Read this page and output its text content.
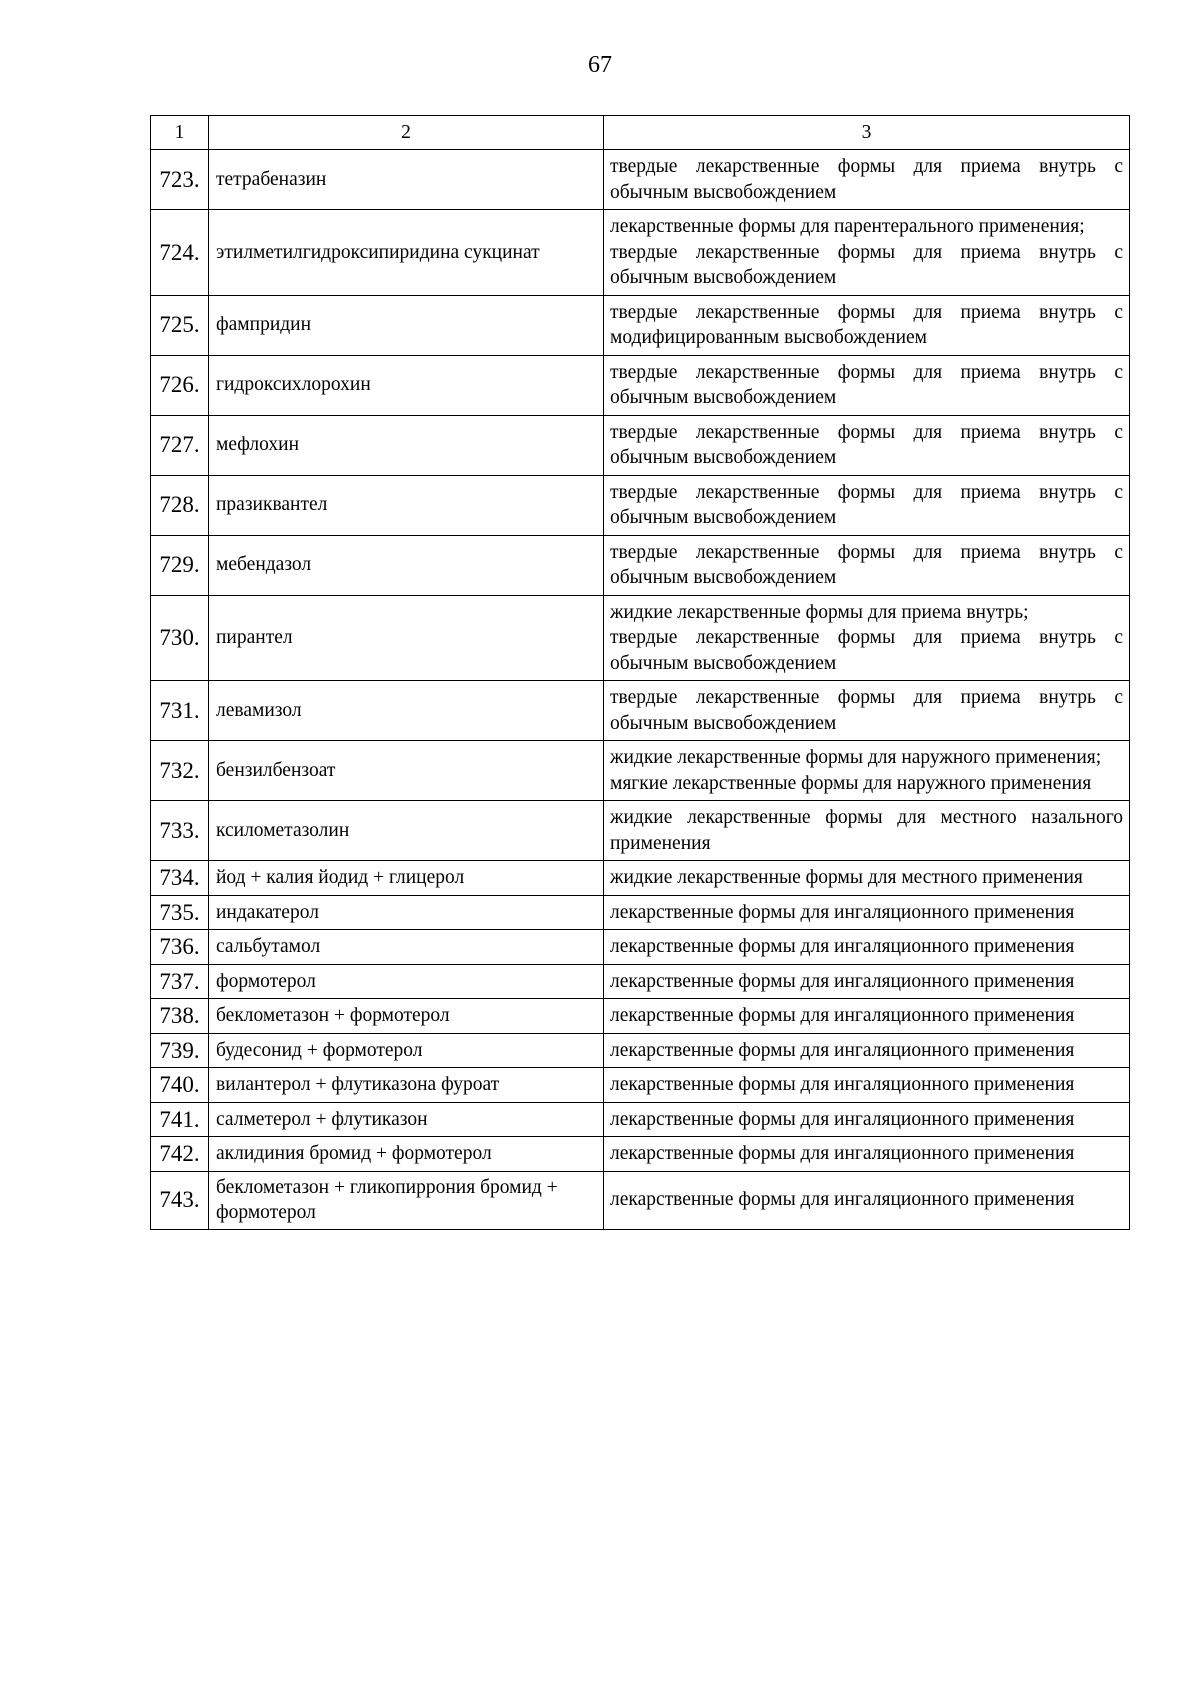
67
1	2	3
723.	тетрабеназин	твердые лекарственные формы для приема внутрь с обычным высвобождением

724.	этилметилгидроксипиридина сукцинат	лекарственные формы для парентерального применения;
твердые лекарственные формы для приема внутрь с обычным высвобождением

725.	фампридин	твердые лекарственные формы для приема внутрь с модифицированным высвобождением

726.	гидроксихлорохин	твердые лекарственные формы для приема внутрь с обычным высвобождением

727.	мефлохин	твердые лекарственные формы для приема внутрь с обычным высвобождением

728.	празиквантел	твердые лекарственные формы для приема внутрь с обычным высвобождением

729.	мебендазол	твердые лекарственные формы для приема внутрь с обычным высвобождением

730.	пирантел	жидкие лекарственные формы для приема внутрь;
твердые лекарственные формы для приема внутрь с обычным высвобождением

731.	левамизол	твердые лекарственные формы для приема внутрь с обычным высвобождением

732.	бензилбензоат	жидкие лекарственные формы для наружного применения;
мягкие лекарственные формы для наружного применения

733.	ксилометазолин	жидкие лекарственные формы для местного назального применения

734.	йод + калия йодид + глицерол	жидкие лекарственные формы для местного применения

735.	индакатерол	лекарственные формы для ингаляционного применения

736.	сальбутамол	лекарственные формы для ингаляционного применения

737.	формотерол	лекарственные формы для ингаляционного применения

738.	беклометазон + формотерол	лекарственные формы для ингаляционного применения

739.	будесонид + формотерол	лекарственные формы для ингаляционного применения

740.	вилантерол + флутиказона фуроат	лекарственные формы для ингаляционного применения

741.	салметерол + флутиказон	лекарственные формы для ингаляционного применения

742.	аклидиния бромид + формотерол	лекарственные формы для ингаляционного применения

743.	беклометазон + гликопиррония бромид + формотерол	лекарственные формы для ингаляционного применения
